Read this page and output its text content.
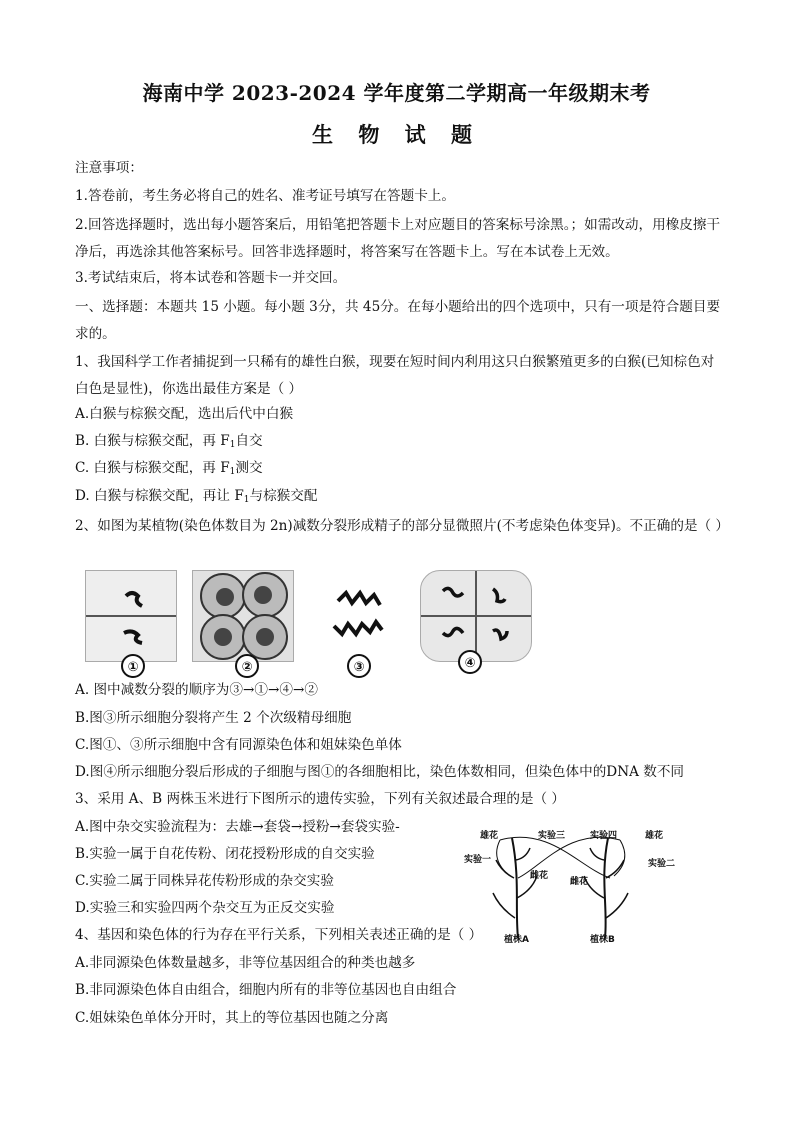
海南中学 2023-2024 学年度第二学期高一年级期末考
生 物 试 题
注意事项：
1.答卷前，考生务必将自己的姓名、准考证号填写在答题卡上。
2.回答选择题时，选出每小题答案后，用铅笔把答题卡上对应题目的答案标号涂黑。；如需改动，用橡皮擦干净后，再选涂其他答案标号。回答非选择题时，将答案写在答题卡上。写在本试卷上无效。
3.考试结束后，将本试卷和答题卡一并交回。
一、选择题：本题共 15 小题。每小题 3分，共 45分。在每小题给出的四个选项中，只有一项是符合题目要求的。
1、我国科学工作者捕捉到一只稀有的雄性白猴，现要在短时间内利用这只白猴繁殖更多的白猴(已知棕色对白色是显性)，你选出最佳方案是（ ）
A.白猴与棕猴交配，选出后代中白猴
B. 白猴与棕猴交配，再 $F_1$自交
C. 白猴与棕猴交配，再 $F_1$测交
D. 白猴与棕猴交配，再让 $F_1$与棕猴交配
2、如图为某植物(染色体数目为 2n)减数分裂形成精子的部分显微照片(不考虑染色体变异)。不正确的是（ ）
①	②	③	④
A. 图中减数分裂的顺序为③→①→④→②
B.图③所示细胞分裂将产生 2 个次级精母细胞
C.图①、③所示细胞中含有同源染色体和姐妹染色单体
D.图④所示细胞分裂后形成的子细胞与图①的各细胞相比，染色体数相同，但染色体中的DNA 数不同
3、采用 A、B 两株玉米进行下图所示的遗传实验，下列有关叙述最合理的是（ ）
A.图中杂交实验流程为：去雄→套袋→授粉→套袋实验-
B.实验一属于自花传粉、闭花授粉形成的自交实验
C.实验二属于同株异花传粉形成的杂交实验
D.实验三和实验四两个杂交互为正反交实验
雄花	实验三	实验四	雄花
实验一
雌花
雌花
实验二
植株A	植株B
4、基因和染色体的行为存在平行关系，下列相关表述正确的是（ ）
A.非同源染色体数量越多，非等位基因组合的种类也越多
B.非同源染色体自由组合，细胞内所有的非等位基因也自由组合
C.姐妹染色单体分开时，其上的等位基因也随之分离
